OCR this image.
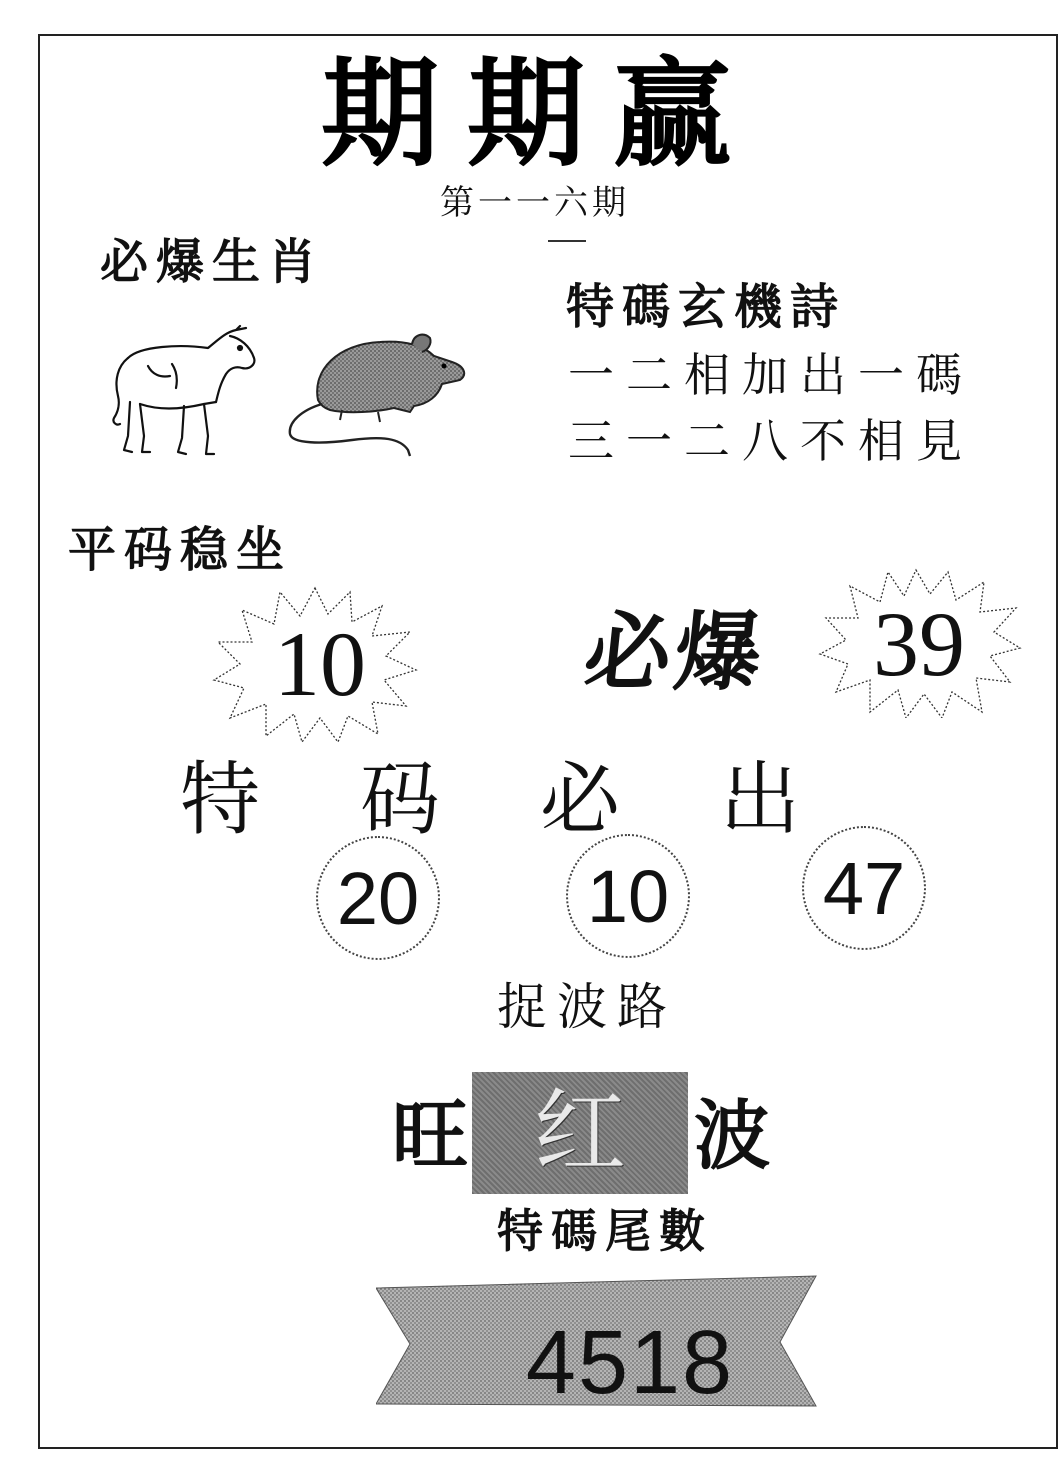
期期赢
第一一六期
必爆生肖
特碼玄機詩
一二相加出一碼
三一二八不相見
平码稳坐
10 必爆 39
特 码 必 出
20 10 47
捉波路
旺 红 波
特碼尾數
4518
